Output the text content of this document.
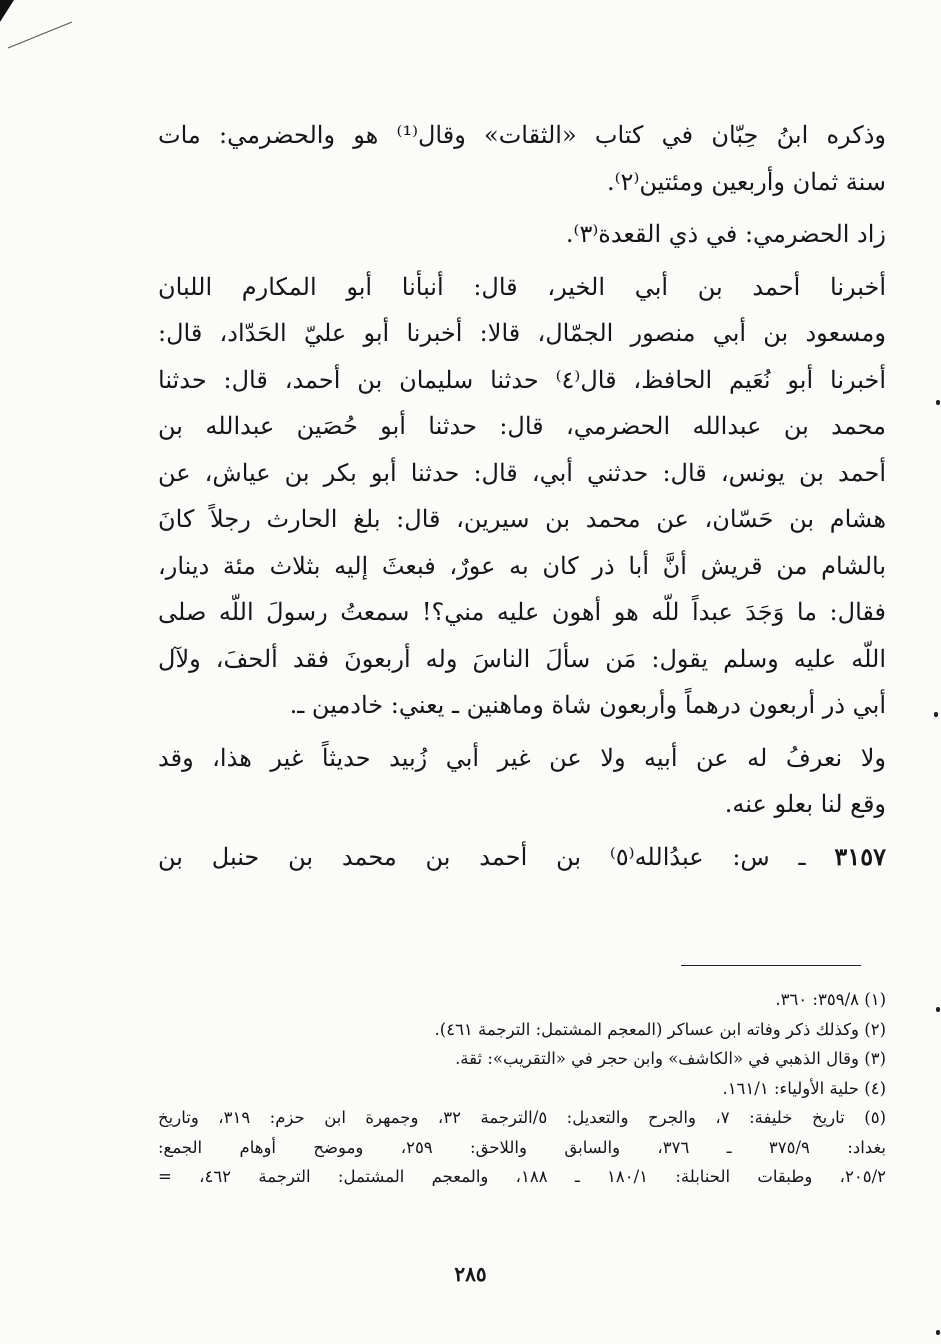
وذكره ابنُ حِبّان في كتاب «الثقات» وقال⁽¹⁾ هو والحضرمي: مات
سنة ثمان وأربعين ومئتين⁽٢⁾.

زاد الحضرمي: في ذي القعدة⁽٣⁾.

أخبرنا أحمد بن أبي الخير، قال: أنبأنا أبو المكارم اللبان
ومسعود بن أبي منصور الجمّال، قالا: أخبرنا أبو عليّ الحَدّاد، قال:
أخبرنا أبو نُعَيم الحافظ، قال⁽٤⁾ حدثنا سليمان بن أحمد، قال: حدثنا
محمد بن عبدالله الحضرمي، قال: حدثنا أبو حُصَين عبدالله بن
أحمد بن يونس، قال: حدثني أبي، قال: حدثنا أبو بكر بن عياش، عن
هشام بن حَسّان، عن محمد بن سيرين، قال: بلغ الحارث رجلاً كانَ
بالشام من قريش أنَّ أبا ذر كان به عورٌ، فبعثَ إليه بثلاث مئة دينار،
فقال: ما وَجَدَ عبداً للّه هو أهون عليه مني؟! سمعتُ رسولَ اللّه صلى
اللّه عليه وسلم يقول: مَن سألَ الناسَ وله أربعونَ فقد ألحفَ، ولآل
أبي ذر أربعون درهماً وأربعون شاة وماهنين ـ يعني: خادمين ـ.

ولا نعرفُ له عن أبيه ولا عن غير أبي زُبيد حديثاً غير هذا، وقد
وقع لنا بعلو عنه.

٣١٥٧ ـ س: عبدُالله⁽٥⁾ بن أحمد بن محمد بن حنبل بن

(١) ٣٥٩/٨: ٣٦٠.
(٢) وكذلك ذكر وفاته ابن عساكر (المعجم المشتمل: الترجمة ٤٦١).
(٣) وقال الذهبي في «الكاشف» وابن حجر في «التقريب»: ثقة.
(٤) حلية الأولياء: ١٦١/١.
(٥) تاريخ خليفة: ٧، والجرح والتعديل: ٥/الترجمة ٣٢، وجمهرة ابن حزم: ٣١٩، وتاريخ
بغداد: ٣٧٥/٩ ـ ٣٧٦، والسابق واللاحق: ٢٥٩، وموضح أوهام الجمع:
٢٠٥/٢، وطبقات الحنابلة: ١٨٠/١ ـ ١٨٨، والمعجم المشتمل: الترجمة ٤٦٢، =
٢٨٥
